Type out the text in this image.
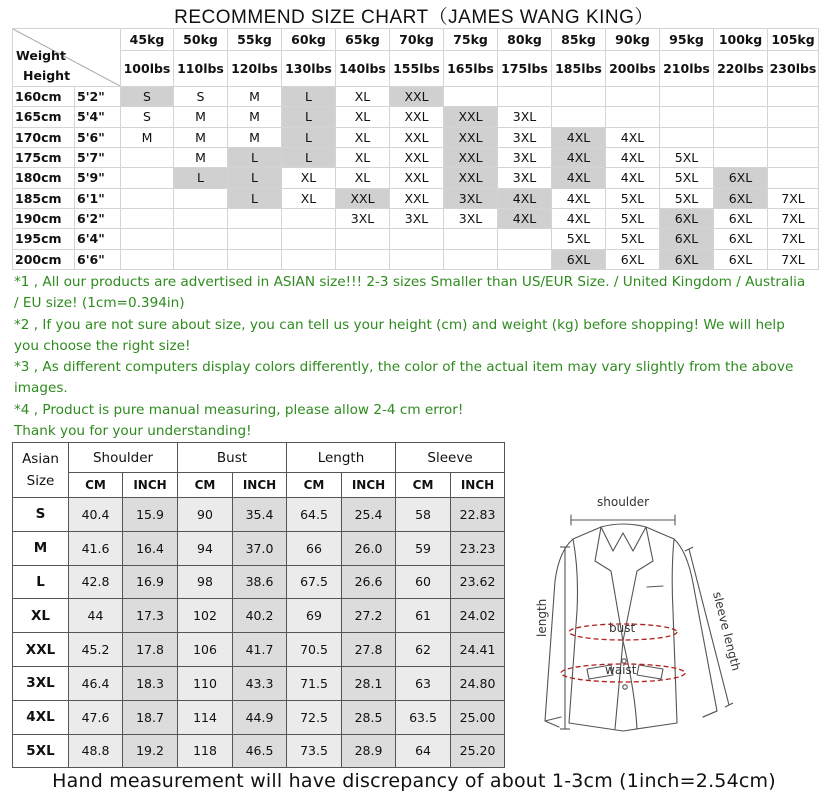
RECOMMEND SIZE CHART（JAMES WANG KING）
Weight
Height		45kg	50kg	55kg	60kg	65kg	70kg	75kg	80kg	85kg	90kg	95kg	100kg	105kg
		100lbs	110lbs	120lbs	130lbs	140lbs	155lbs	165lbs	175lbs	185lbs	200lbs	210lbs	220lbs	230lbs
160cm	5'2"	S	S	M	L	XL	XXL							
165cm	5'4"	S	M	M	L	XL	XXL	XXL	3XL					
170cm	5'6"	M	M	M	L	XL	XXL	XXL	3XL	4XL	4XL			
175cm	5'7"		M	L	L	XL	XXL	XXL	3XL	4XL	4XL	5XL		
180cm	5'9"		L	L	XL	XL	XXL	XXL	3XL	4XL	4XL	5XL	6XL	
185cm	6'1"			L	XL	XXL	XXL	3XL	4XL	4XL	5XL	5XL	6XL	7XL
190cm	6'2"					3XL	3XL	3XL	4XL	4XL	5XL	6XL	6XL	7XL
195cm	6'4"									5XL	5XL	6XL	6XL	7XL
200cm	6'6"									6XL	6XL	6XL	6XL	7XL
*1 , All our products are advertised in ASIAN size!!! 2-3 sizes Smaller than US/EUR Size. / United Kingdom / Australia / EU size! (1cm=0.394in)
*2 , If you are not sure about size, you can tell us your height (cm) and weight (kg) before shopping! We will help you choose the right size!
*3 , As different computers display colors differently, the color of the actual item may vary slightly from the above images.
*4 , Product is pure manual measuring, please allow 2-4 cm error!
Thank you for your understanding!
Asian
Size	Shoulder		Bust		Length		Sleeve	
	CM	INCH	CM	INCH	CM	INCH	CM	INCH
S	40.4	15.9	90	35.4	64.5	25.4	58	22.83
M	41.6	16.4	94	37.0	66	26.0	59	23.23
L	42.8	16.9	98	38.6	67.5	26.6	60	23.62
XL	44	17.3	102	40.2	69	27.2	61	24.02
XXL	45.2	17.8	106	41.7	70.5	27.8	62	24.41
3XL	46.4	18.3	110	43.3	71.5	28.1	63	24.80
4XL	47.6	18.7	114	44.9	72.5	28.5	63.5	25.00
5XL	48.8	19.2	118	46.5	73.5	28.9	64	25.20
shoulder
length	bust
waist	sleeve length
Hand measurement will have discrepancy of about 1-3cm (1inch=2.54cm)
